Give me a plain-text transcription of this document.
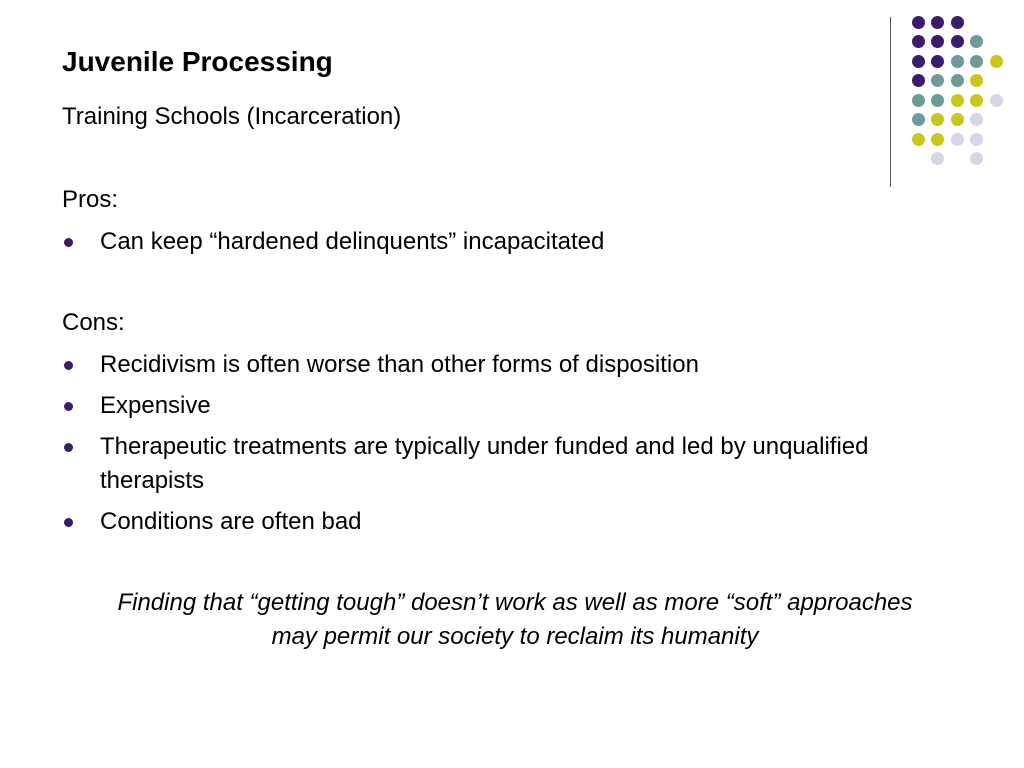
Juvenile Processing
Training Schools (Incarceration)
Pros:
Can keep “hardened delinquents” incapacitated
Cons:
Recidivism is often worse than other forms of disposition
Expensive
Therapeutic treatments are typically under funded and led by unqualified therapists
Conditions are often bad
Finding that “getting tough” doesn’t work as well as more “soft” approaches may permit our society to reclaim its humanity
